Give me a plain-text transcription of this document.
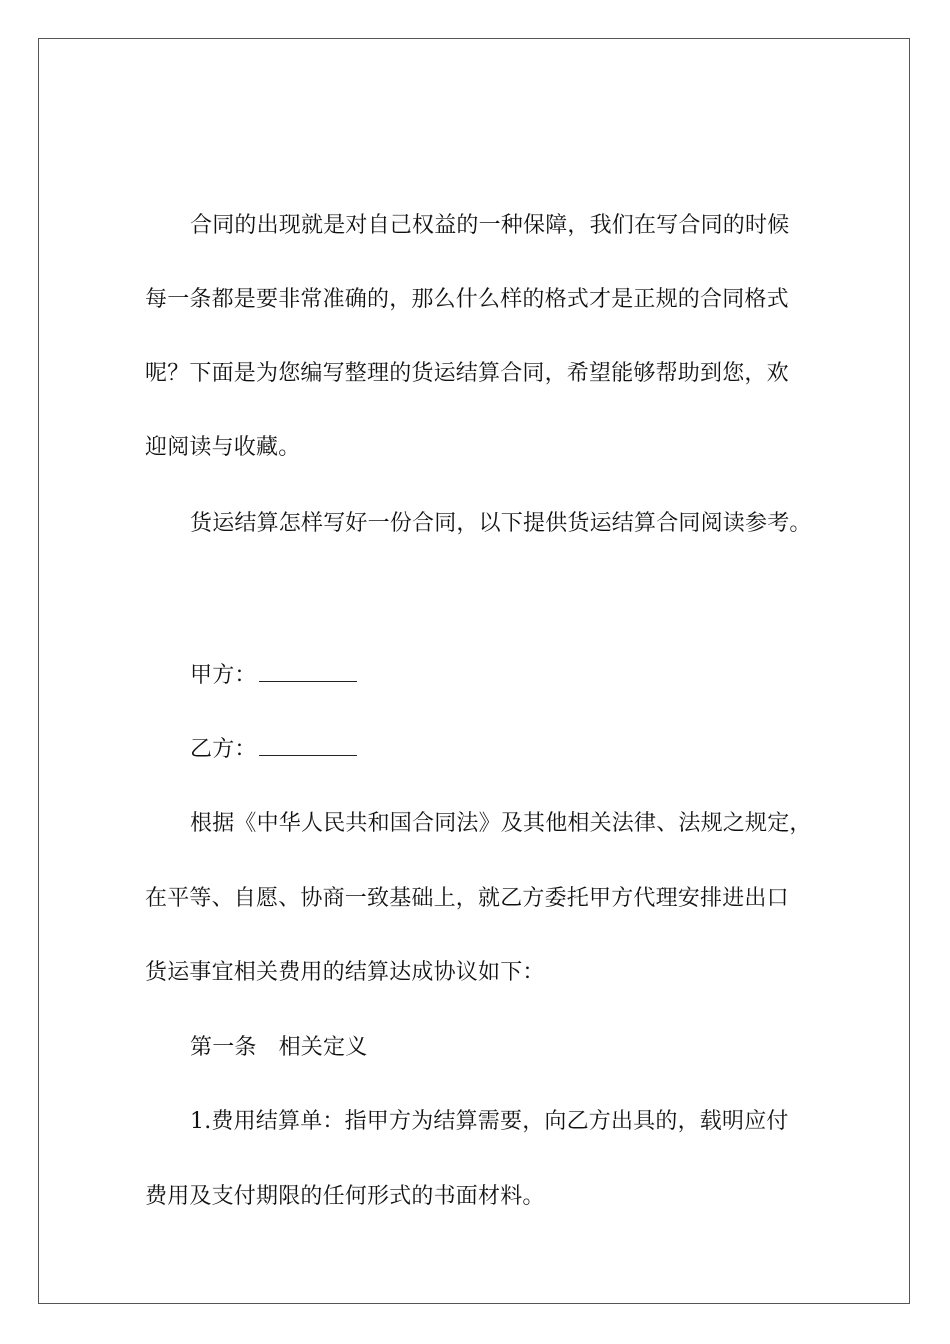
合同的出现就是对自己权益的一种保障，我们在写合同的时候
每一条都是要非常准确的，那么什么样的格式才是正规的合同格式
呢？下面是为您编写整理的货运结算合同，希望能够帮助到您，欢
迎阅读与收藏。
货运结算怎样写好一份合同，以下提供货运结算合同阅读参考。
甲方：
乙方：
根据《中华人民共和国合同法》及其他相关法律、法规之规定，
在平等、自愿、协商一致基础上，就乙方委托甲方代理安排进出口
货运事宜相关费用的结算达成协议如下：
第一条 相关定义
1.费用结算单：指甲方为结算需要，向乙方出具的，载明应付
费用及支付期限的任何形式的书面材料。
